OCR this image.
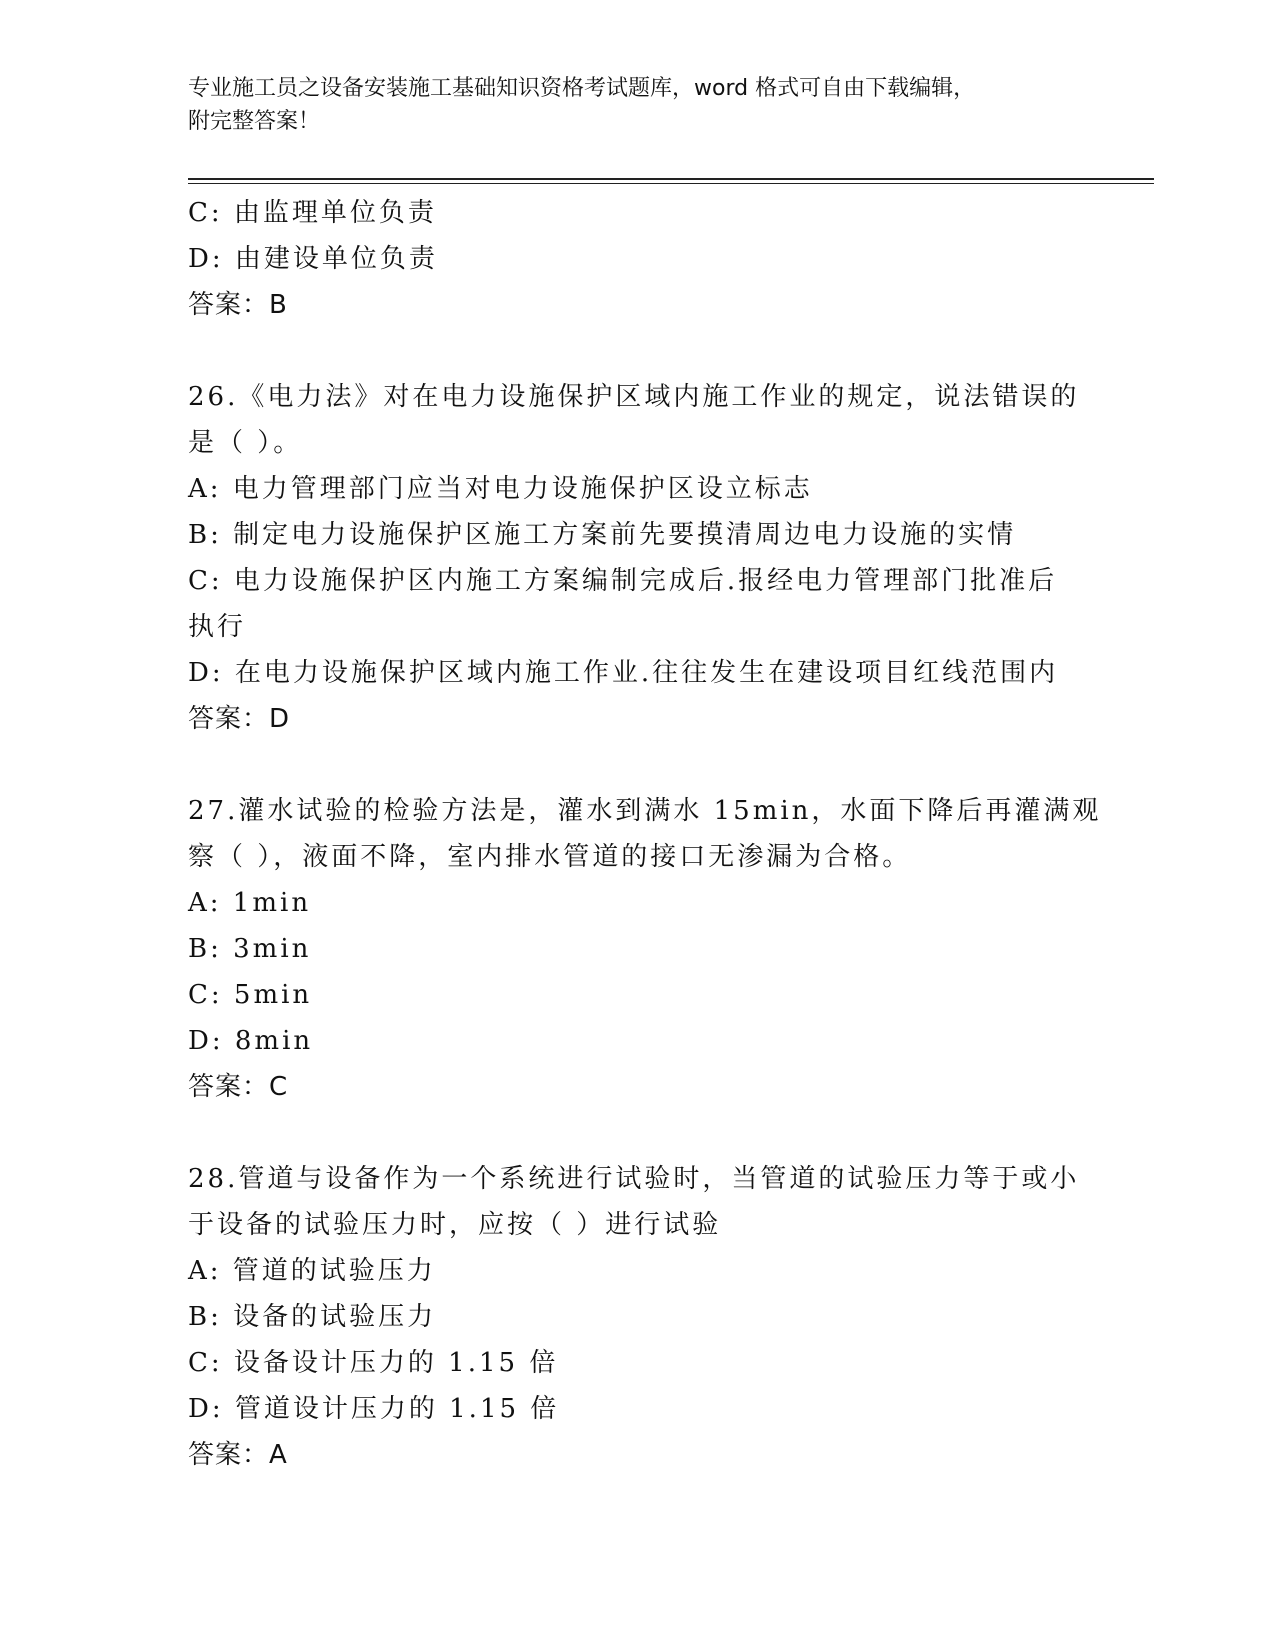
专业施工员之设备安装施工基础知识资格考试题库，word 格式可自由下载编辑，
附完整答案！
C: 由监理单位负责
D: 由建设单位负责
答案：B
26.《电力法》对在电力设施保护区域内施工作业的规定，说法错误的
是（ ）。
A: 电力管理部门应当对电力设施保护区设立标志
B: 制定电力设施保护区施工方案前先要摸清周边电力设施的实情
C: 电力设施保护区内施工方案编制完成后.报经电力管理部门批准后
执行
D: 在电力设施保护区域内施工作业.往往发生在建设项目红线范围内
答案：D
27.灌水试验的检验方法是，灌水到满水 15min，水面下降后再灌满观
察（ ），液面不降，室内排水管道的接口无渗漏为合格。
A: 1min
B: 3min
C: 5min
D: 8min
答案：C
28.管道与设备作为一个系统进行试验时，当管道的试验压力等于或小
于设备的试验压力时，应按（ ）进行试验
A: 管道的试验压力
B: 设备的试验压力
C: 设备设计压力的 1.15 倍
D: 管道设计压力的 1.15 倍
答案：A
